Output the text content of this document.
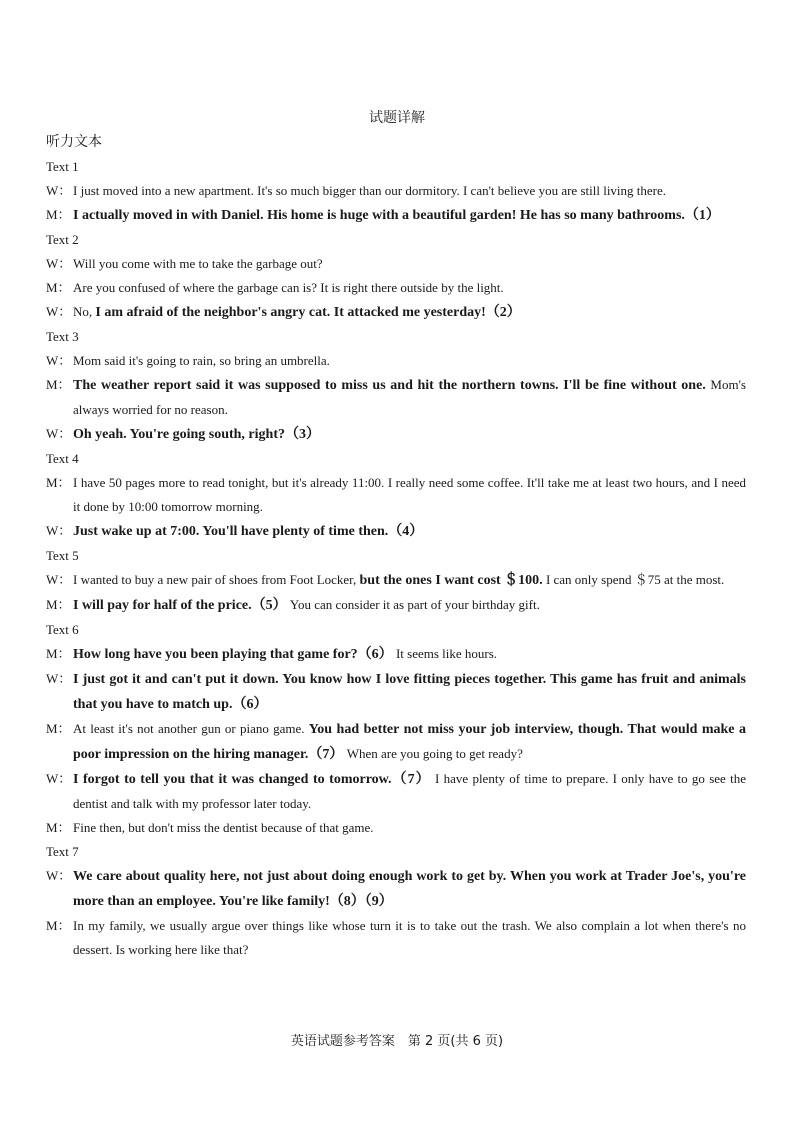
试题详解
听力文本
Text 1
W： I just moved into a new apartment. It's so much bigger than our dormitory. I can't believe you are still living there.
M： I actually moved in with Daniel. His home is huge with a beautiful garden! He has so many bathrooms.（1）
Text 2
W： Will you come with me to take the garbage out?
M： Are you confused of where the garbage can is? It is right there outside by the light.
W： No, I am afraid of the neighbor's angry cat. It attacked me yesterday!（2）
Text 3
W： Mom said it's going to rain, so bring an umbrella.
M： The weather report said it was supposed to miss us and hit the northern towns. I'll be fine without one. Mom's always worried for no reason.
W： Oh yeah. You're going south, right?（3）
Text 4
M： I have 50 pages more to read tonight, but it's already 11:00. I really need some coffee. It'll take me at least two hours, and I need it done by 10:00 tomorrow morning.
W： Just wake up at 7:00. You'll have plenty of time then.（4）
Text 5
W： I wanted to buy a new pair of shoes from Foot Locker, but the ones I want cost ＄100. I can only spend ＄75 at the most.
M： I will pay for half of the price.（5） You can consider it as part of your birthday gift.
Text 6
M： How long have you been playing that game for?（6） It seems like hours.
W： I just got it and can't put it down. You know how I love fitting pieces together. This game has fruit and animals that you have to match up.（6）
M： At least it's not another gun or piano game. You had better not miss your job interview, though. That would make a poor impression on the hiring manager.（7） When are you going to get ready?
W： I forgot to tell you that it was changed to tomorrow.（7） I have plenty of time to prepare. I only have to go see the dentist and talk with my professor later today.
M： Fine then, but don't miss the dentist because of that game.
Text 7
W： We care about quality here, not just about doing enough work to get by. When you work at Trader Joe's, you're more than an employee. You're like family!（8）（9）
M： In my family, we usually argue over things like whose turn it is to take out the trash. We also complain a lot when there's no dessert. Is working here like that?
英语试题参考答案　第 2 页(共 6 页)
